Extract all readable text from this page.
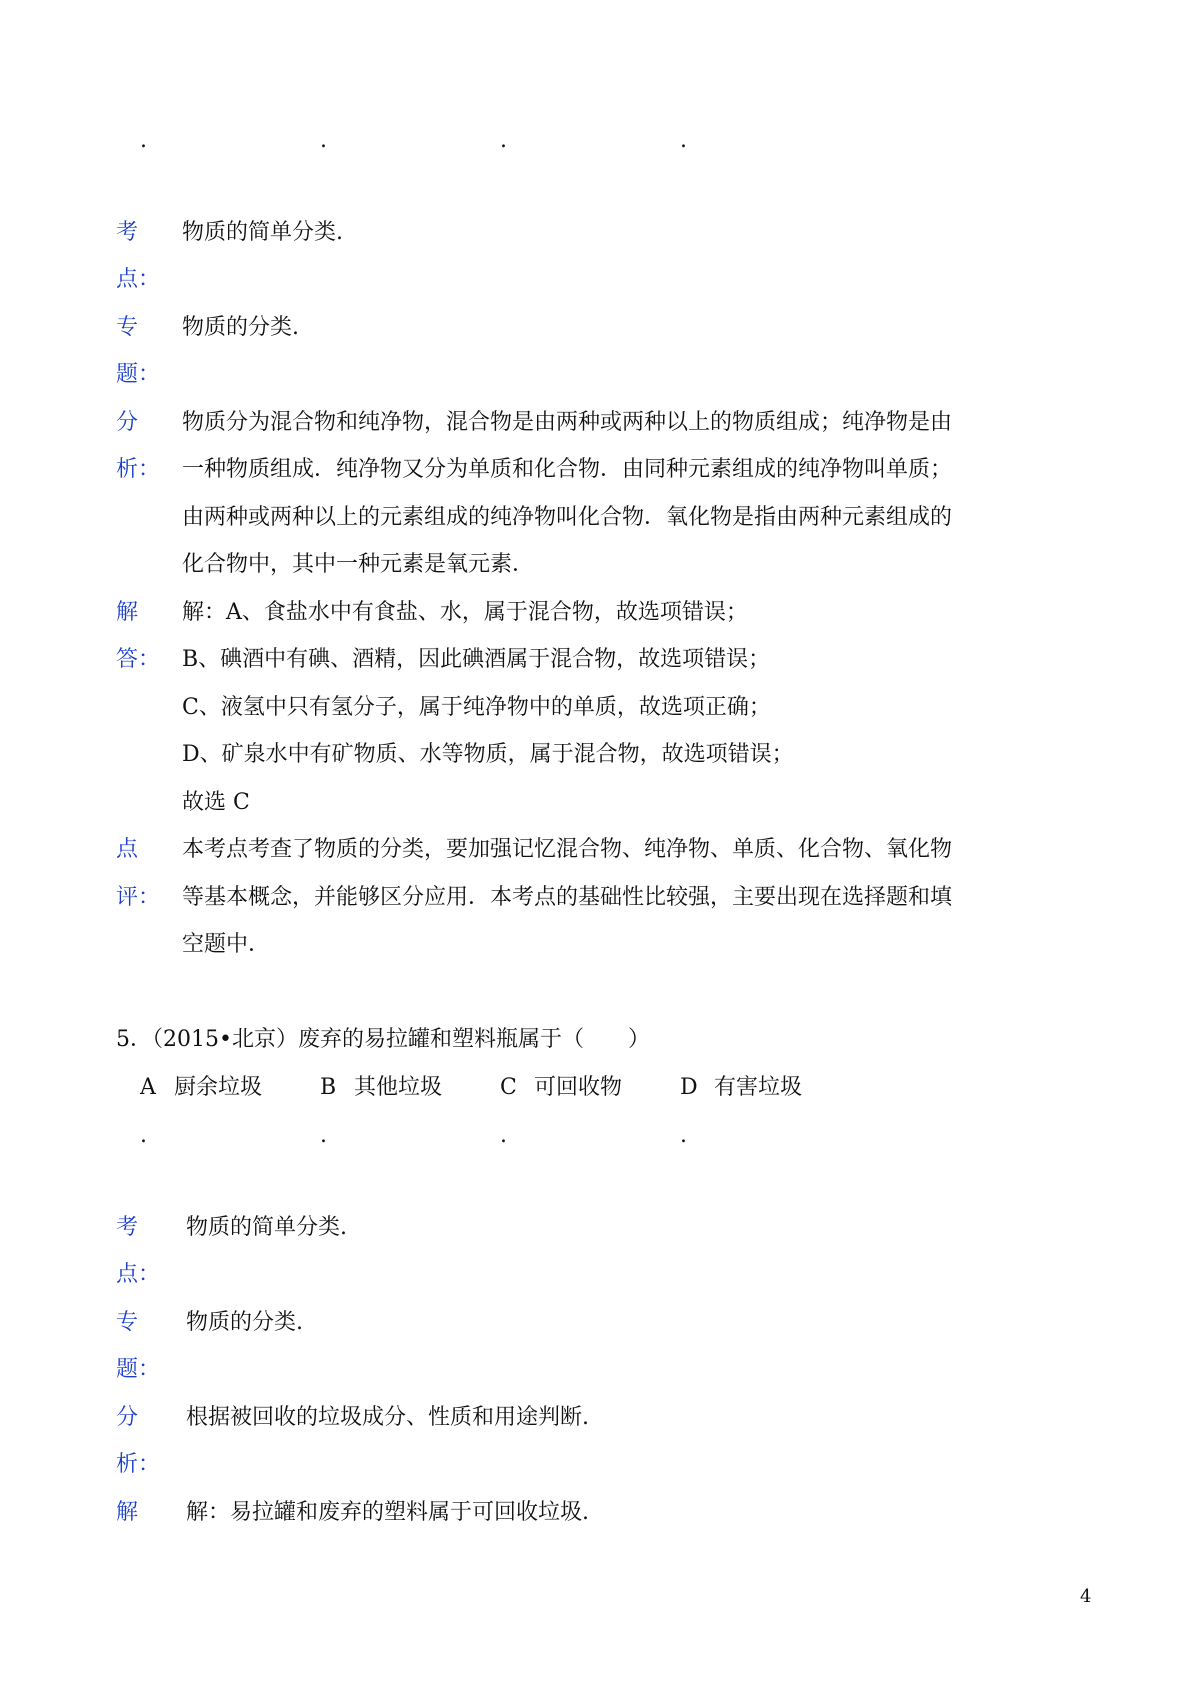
.	.	.	.
考 物质的简单分类.
点：
专 物质的分类.
题：
分 物质分为混合物和纯净物，混合物是由两种或两种以上的物质组成；纯净物是由
析： 一种物质组成．纯净物又分为单质和化合物．由同种元素组成的纯净物叫单质；
由两种或两种以上的元素组成的纯净物叫化合物．氧化物是指由两种元素组成的
化合物中，其中一种元素是氧元素．
解 解：A、食盐水中有食盐、水，属于混合物，故选项错误；
答： B、碘酒中有碘、酒精，因此碘酒属于混合物，故选项错误；
C、液氢中只有氢分子，属于纯净物中的单质，故选项正确；
D、矿泉水中有矿物质、水等物质，属于混合物，故选项错误；
故选 C
点 本考点考查了物质的分类，要加强记忆混合物、纯净物、单质、化合物、氧化物
评： 等基本概念，并能够区分应用．本考点的基础性比较强，主要出现在选择题和填
空题中．
5．（2015•北京）废弃的易拉罐和塑料瓶属于（　　）
A 厨余垃圾	B 其他垃圾	C 可回收物	D 有害垃圾
.	.	.	.
考 物质的简单分类.
点：
专 物质的分类.
题：
分 根据被回收的垃圾成分、性质和用途判断.
析：
解 解：易拉罐和废弃的塑料属于可回收垃圾.
4
